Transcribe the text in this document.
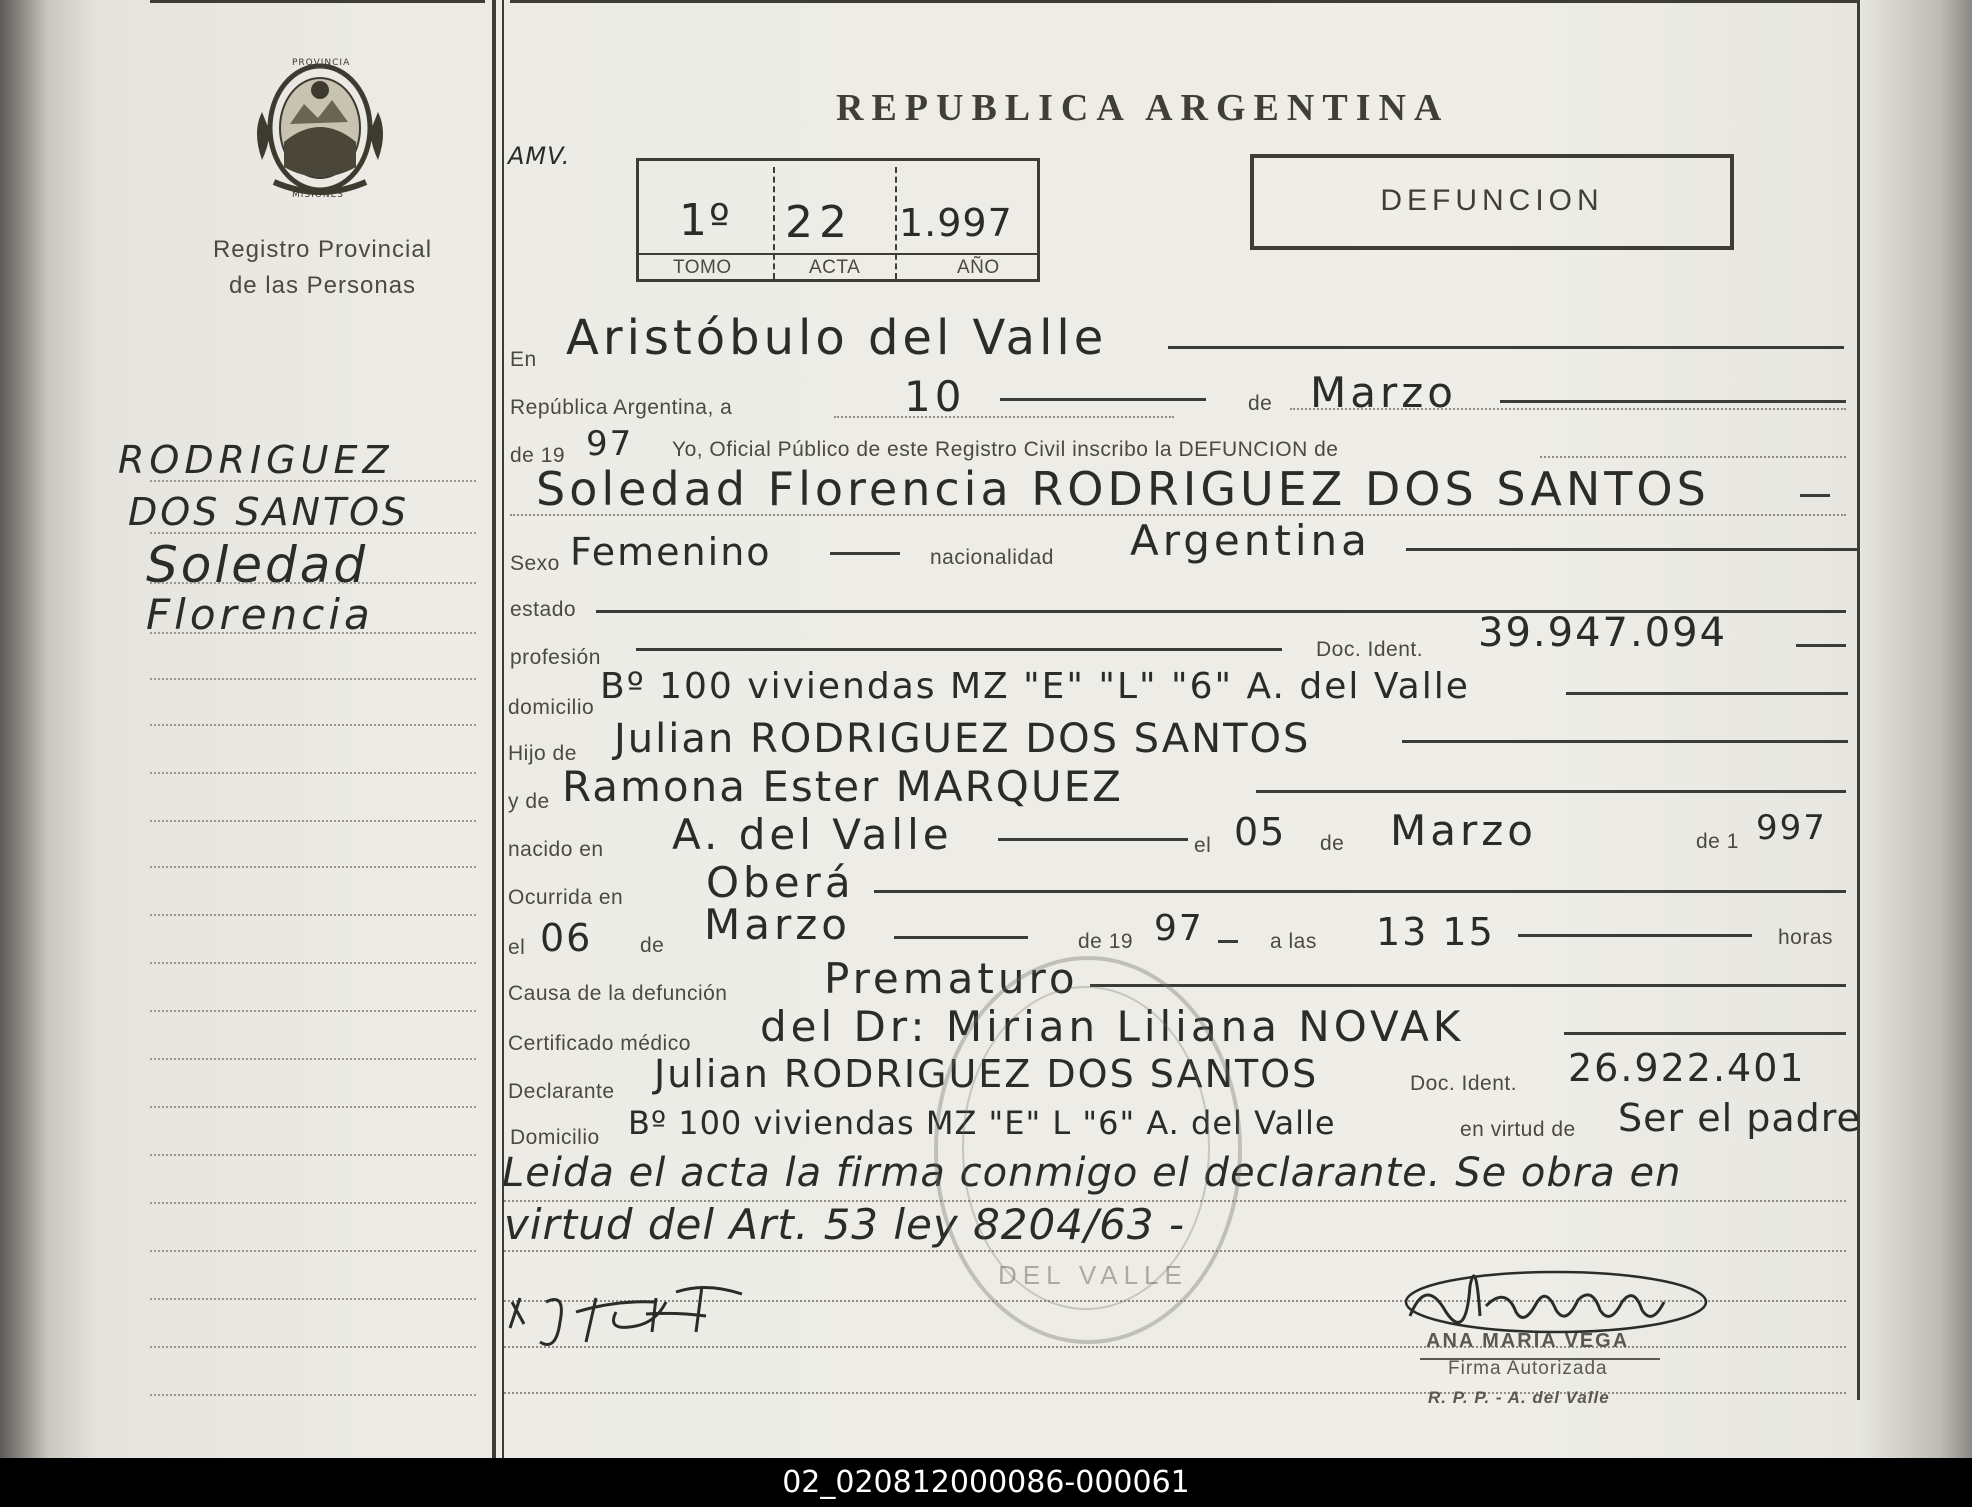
PROVINCIA
MISIONES
Registro Provincial
de las Personas
RODRIGUEZ
DOS SANTOS
Soledad
Florencia
REPUBLICA ARGENTINA
AMV.
1º 22 1.997
TOMO	ACTA	AÑO
DEFUNCION
En Aristóbulo del Valle
República Argentina, a	10	de Marzo
de 19 97 Yo, Oficial Público de este Registro Civil inscribo la DEFUNCION de
Soledad Florencia RODRIGUEZ DOS SANTOS
Sexo Femenino	nacionalidad Argentina
estado
profesión	Doc. Ident. 39.947.094
domicilio
Bº 100 viviendas MZ "E" "L" "6" A. del Valle
Hijo de Julian RODRIGUEZ DOS SANTOS
y de Ramona Ester MARQUEZ
nacido en A. del Valle	el 05 de Marzo	de 1 997
Ocurrida en Oberá
el 06 de Marzo	de 19 97	a las 13 15	horas
Causa de la defunción Prematuro
Certificado médico del Dr: Mirian Liliana NOVAK
Declarante Julian RODRIGUEZ DOS SANTOS	Doc. Ident. 26.922.401
Domicilio Bº 100 viviendas MZ "E" L "6" A. del Valle	en virtud de Ser el padre
Leida el acta la firma conmigo el declarante. Se obra en
virtud del Art. 53 ley 8204/63 -
DEL VALLE
ANA MARIA VEGA
Firma Autorizada
R. P. P. - A. del Valle
02_020812000086-000061
